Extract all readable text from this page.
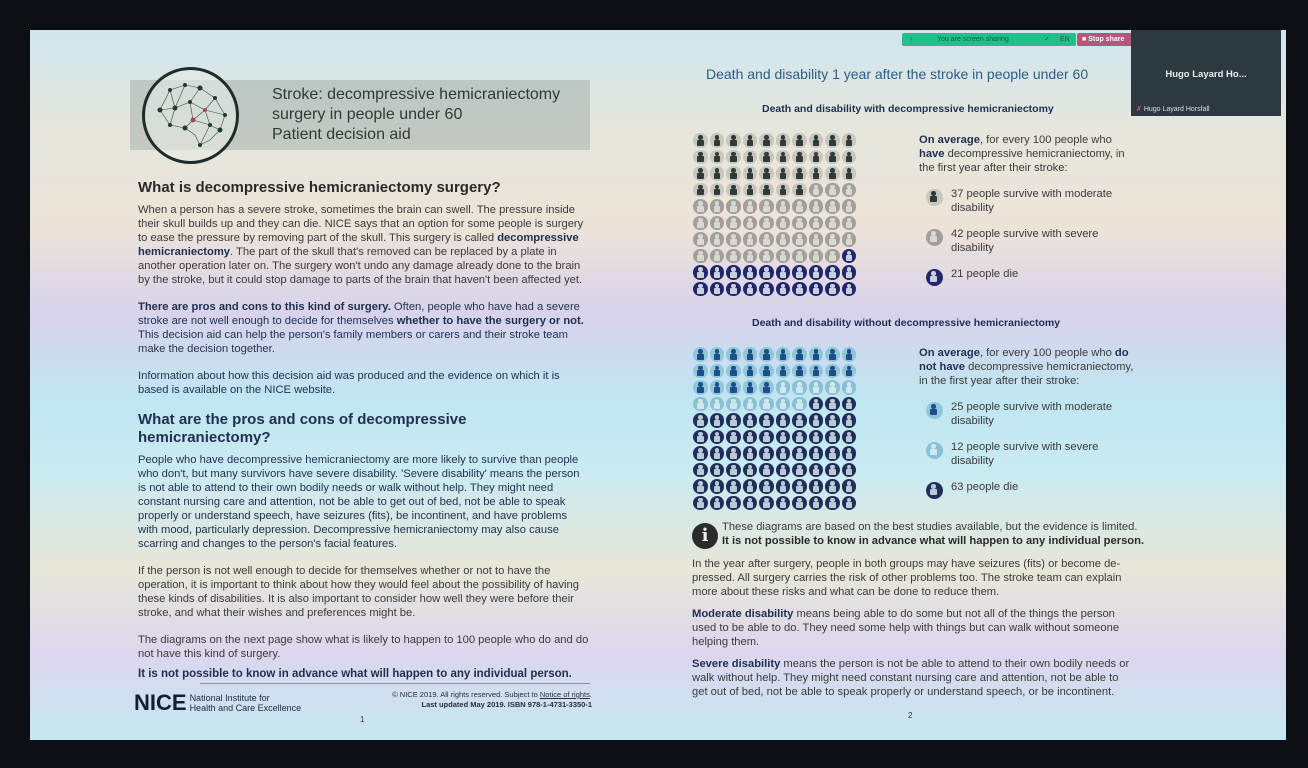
‹	You are screen sharing	✓ EN	■ Stop share
Hugo Layard Ho...
✗ Hugo Layard Horsfall
Stroke: decompressive hemicraniectomy
surgery in people under 60
Patient decision aid
What is decompressive hemicraniectomy surgery?
When a person has a severe stroke, sometimes the brain can swell. The pressure inside their skull builds up and they can die. NICE says that an option for some people is surgery to ease the pressure by removing part of the skull. This surgery is called decompressive hemicraniectomy. The part of the skull that's removed can be replaced by a plate in another operation later on. The surgery won't undo any damage already done to the brain by the stroke, but it could stop damage to parts of the brain that haven't been affected yet.
There are pros and cons to this kind of surgery. Often, people who have had a severe stroke are not well enough to decide for themselves whether to have the surgery or not. This decision aid can help the person's family members or carers and their stroke team make the decision together.
Information about how this decision aid was produced and the evidence on which it is based is available on the NICE website.
What are the pros and cons of decompressive hemicraniectomy?
People who have decompressive hemicraniectomy are more likely to survive than people who don't, but many survivors have severe disability. 'Severe disability' means the person is not able to attend to their own bodily needs or walk without help. They might need constant nursing care and attention, not be able to get out of bed, not be able to speak properly or understand speech, have seizures (fits), be incontinent, and have problems with mood, particularly depression. Decompressive hemicraniectomy may also cause scarring and changes to the person's facial features.
If the person is not well enough to decide for themselves whether or not to have the operation, it is important to think about how they would feel about the possibility of having these kinds of disabilities. It is also important to consider how well they were before their stroke, and what their wishes and preferences might be.
The diagrams on the next page show what is likely to happen to 100 people who do and do not have this kind of surgery.
It is not possible to know in advance what will happen to any individual person.
NICE National Institute for
Health and Care Excellence
© NICE 2019. All rights reserved. Subject to Notice of rights.
Last updated May 2019. ISBN 978-1-4731-3350-1
1
Death and disability 1 year after the stroke in people under 60
Death and disability with decompressive hemicraniectomy
On average, for every 100 people who have decompressive hemicraniectomy, in the first year after their stroke:
37 people survive with moderate disability
42 people survive with severe disability
21 people die
Death and disability without decompressive hemicraniectomy
On average, for every 100 people who do not have decompressive hemicraniectomy, in the first year after their stroke:
25 people survive with moderate disability
12 people survive with severe disability
63 people die
i	These diagrams are based on the best studies available, but the evidence is limited.
It is not possible to know in advance what will happen to any individual person.
In the year after surgery, people in both groups may have seizures (fits) or become de-pressed. All surgery carries the risk of other problems too. The stroke team can explain more about these risks and what can be done to reduce them.
Moderate disability means being able to do some but not all of the things the person used to be able to do. They need some help with things but can walk without someone helping them.
Severe disability means the person is not be able to attend to their own bodily needs or walk without help. They might need constant nursing care and attention, not be able to get out of bed, not be able to speak properly or understand speech, or be incontinent.
2
